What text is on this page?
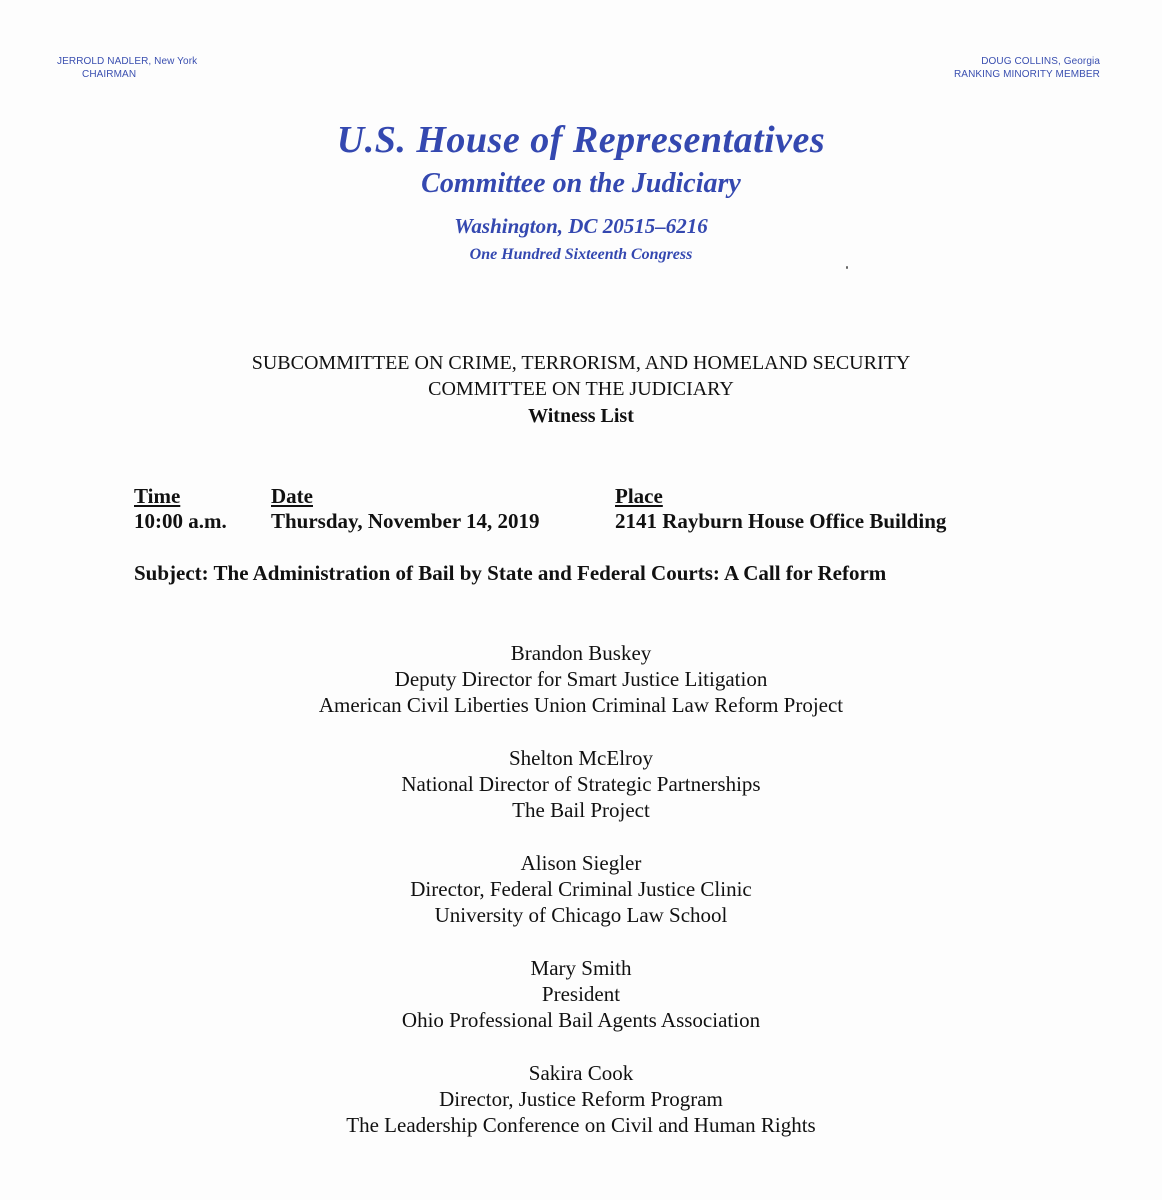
JERROLD NADLER, New York
CHAIRMAN
DOUG COLLINS, Georgia
RANKING MINORITY MEMBER
U.S. House of Representatives
Committee on the Judiciary
Washington, DC 20515–6216
One Hundred Sixteenth Congress
SUBCOMMITTEE ON CRIME, TERRORISM, AND HOMELAND SECURITY
COMMITTEE ON THE JUDICIARY
Witness List
Time
10:00 a.m.
Date
Thursday, November 14, 2019
Place
2141 Rayburn House Office Building
Subject: The Administration of Bail by State and Federal Courts: A Call for Reform
Brandon Buskey
Deputy Director for Smart Justice Litigation
American Civil Liberties Union Criminal Law Reform Project
Shelton McElroy
National Director of Strategic Partnerships
The Bail Project
Alison Siegler
Director, Federal Criminal Justice Clinic
University of Chicago Law School
Mary Smith
President
Ohio Professional Bail Agents Association
Sakira Cook
Director, Justice Reform Program
The Leadership Conference on Civil and Human Rights
